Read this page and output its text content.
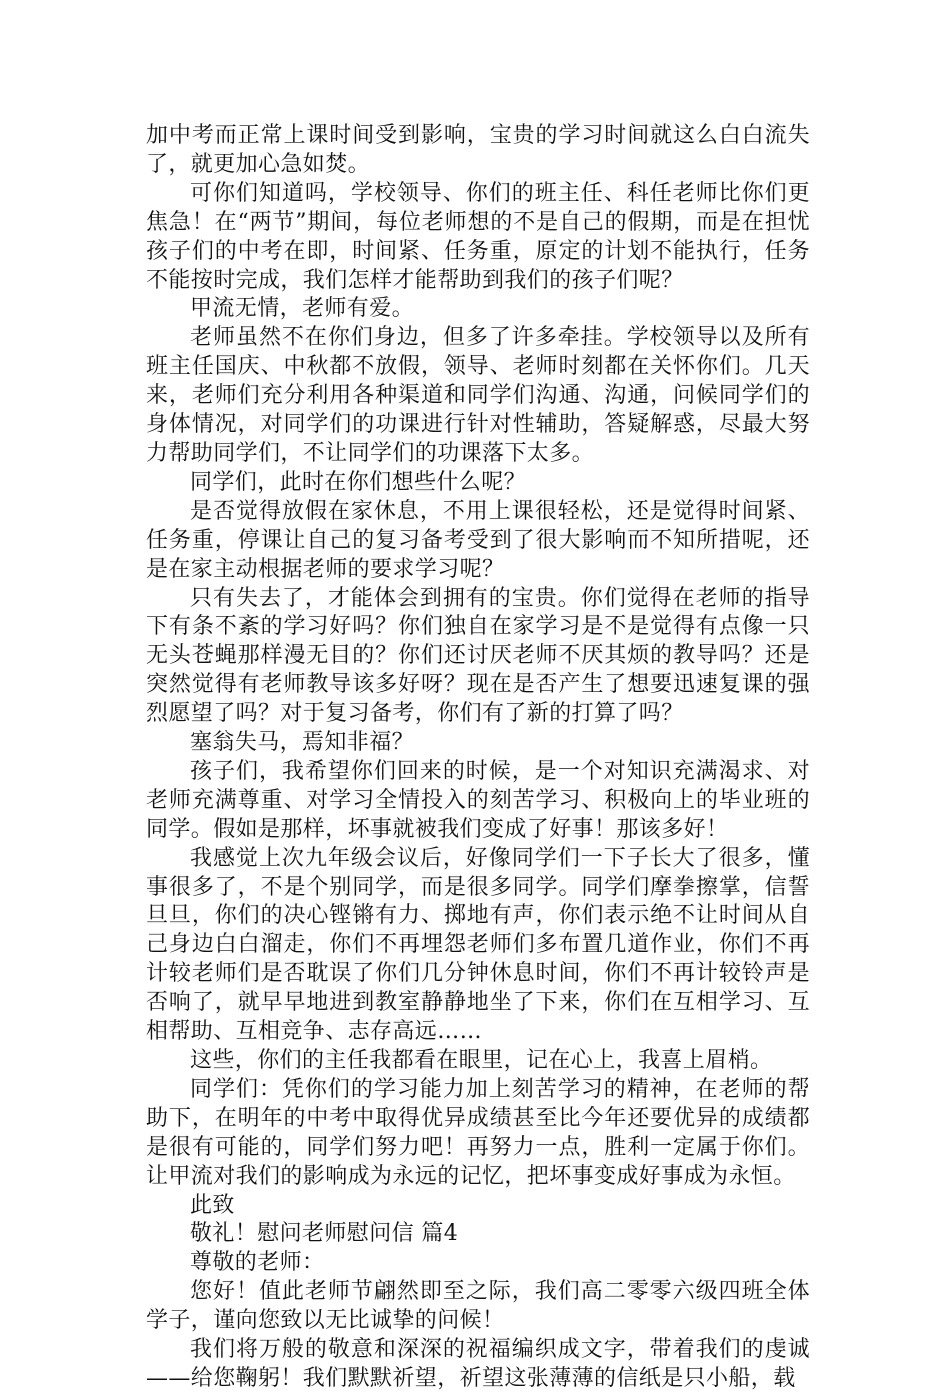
加中考而正常上课时间受到影响，宝贵的学习时间就这么白白流失了，就更加心急如焚。

可你们知道吗，学校领导、你们的班主任、科任老师比你们更焦急！在“两节”期间，每位老师想的不是自己的假期，而是在担忧孩子们的中考在即，时间紧、任务重，原定的计划不能执行，任务不能按时完成，我们怎样才能帮助到我们的孩子们呢？

甲流无情，老师有爱。

老师虽然不在你们身边，但多了许多牵挂。学校领导以及所有班主任国庆、中秋都不放假，领导、老师时刻都在关怀你们。几天来，老师们充分利用各种渠道和同学们沟通、沟通，问候同学们的身体情况，对同学们的功课进行针对性辅助，答疑解惑，尽最大努力帮助同学们，不让同学们的功课落下太多。

同学们，此时在你们想些什么呢？

是否觉得放假在家休息，不用上课很轻松，还是觉得时间紧、任务重，停课让自己的复习备考受到了很大影响而不知所措呢，还是在家主动根据老师的要求学习呢？

只有失去了，才能体会到拥有的宝贵。你们觉得在老师的指导下有条不紊的学习好吗？你们独自在家学习是不是觉得有点像一只无头苍蝇那样漫无目的？你们还讨厌老师不厌其烦的教导吗？还是突然觉得有老师教导该多好呀？现在是否产生了想要迅速复课的强烈愿望了吗？对于复习备考，你们有了新的打算了吗？

塞翁失马，焉知非福？

孩子们，我希望你们回来的时候，是一个对知识充满渴求、对老师充满尊重、对学习全情投入的刻苦学习、积极向上的毕业班的同学。假如是那样，坏事就被我们变成了好事！那该多好！

我感觉上次九年级会议后，好像同学们一下子长大了很多，懂事很多了，不是个别同学，而是很多同学。同学们摩拳擦掌，信誓旦旦，你们的决心铿锵有力、掷地有声，你们表示绝不让时间从自己身边白白溜走，你们不再埋怨老师们多布置几道作业，你们不再计较老师们是否耽误了你们几分钟休息时间，你们不再计较铃声是否响了，就早早地进到教室静静地坐了下来，你们在互相学习、互相帮助、互相竞争、志存高远……

这些，你们的主任我都看在眼里，记在心上，我喜上眉梢。

同学们：凭你们的学习能力加上刻苦学习的精神，在老师的帮助下，在明年的中考中取得优异成绩甚至比今年还要优异的成绩都是很有可能的，同学们努力吧！再努力一点，胜利一定属于你们。让甲流对我们的影响成为永远的记忆，把坏事变成好事成为永恒。

此致

敬礼！慰问老师慰问信 篇4

尊敬的老师：

您好！值此老师节翩然即至之际，我们高二零零六级四班全体学子，谨向您致以无比诚挚的问候！

我们将万般的敬意和深深的祝福编织成文字，带着我们的虔诚——给您鞠躬！我们默默祈望，祈望这张薄薄的信纸是只小船，载
